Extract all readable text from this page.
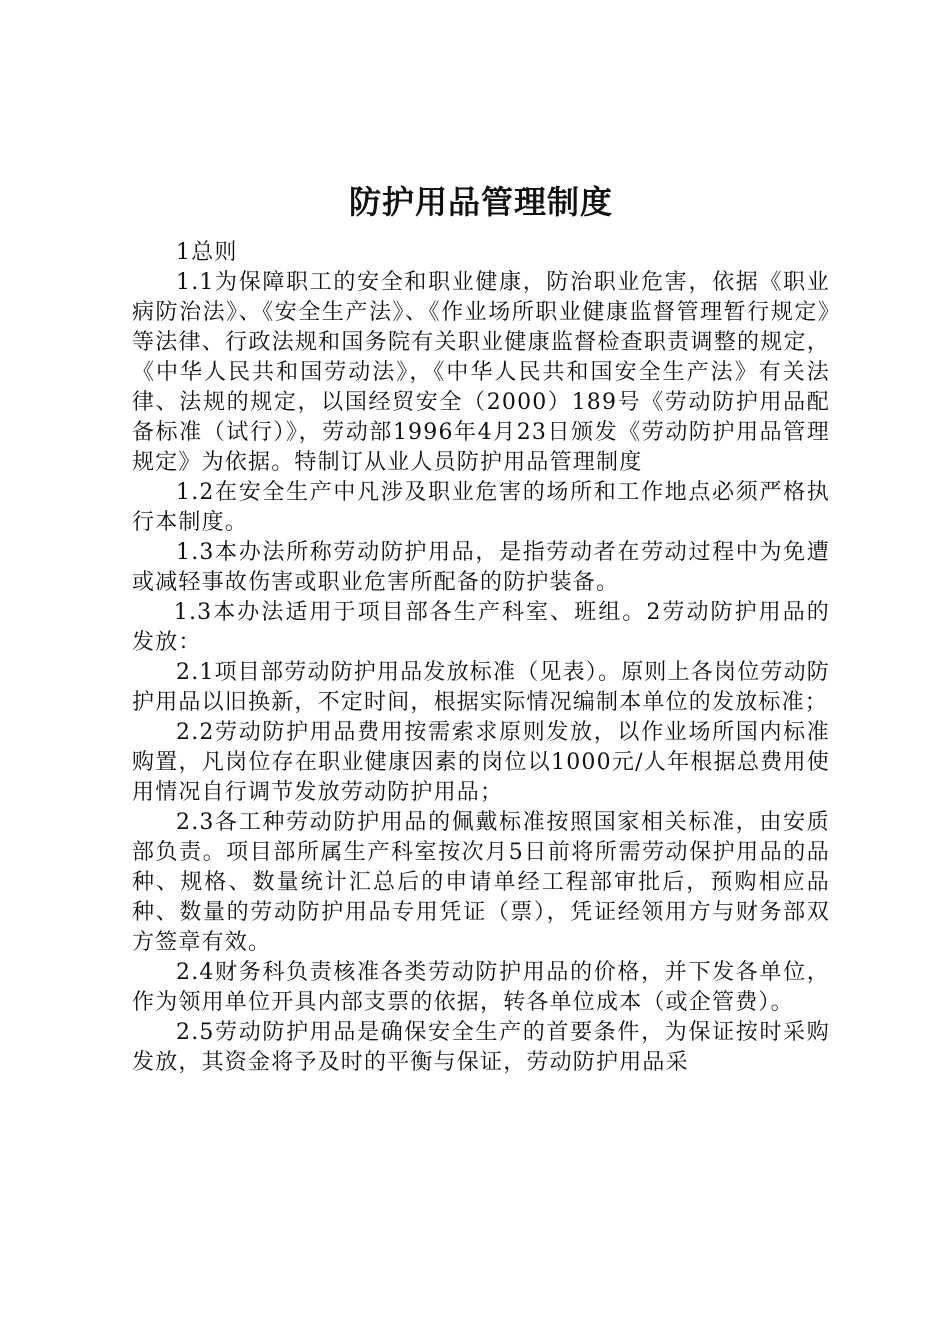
防护用品管理制度

1总则

1.1为保障职工的安全和职业健康，防治职业危害，依据《职业病防治法》、《安全生产法》、《作业场所职业健康监督管理暂行规定》等法律、行政法规和国务院有关职业健康监督检查职责调整的规定，《中华人民共和国劳动法》，《中华人民共和国安全生产法》有关法律、法规的规定，以国经贸安全（2000）189号《劳动防护用品配备标准（试行）》，劳动部1996年4月23日颁发《劳动防护用品管理规定》为依据。特制订从业人员防护用品管理制度

1.2在安全生产中凡涉及职业危害的场所和工作地点必须严格执行本制度。

1.3本办法所称劳动防护用品，是指劳动者在劳动过程中为免遭或减轻事故伤害或职业危害所配备的防护装备。

1.3本办法适用于项目部各生产科室、班组。2劳动防护用品的发放：

2.1项目部劳动防护用品发放标准（见表）。原则上各岗位劳动防护用品以旧换新，不定时间，根据实际情况编制本单位的发放标准；

2.2劳动防护用品费用按需索求原则发放，以作业场所国内标准购置，凡岗位存在职业健康因素的岗位以1000元/人年根据总费用使用情况自行调节发放劳动防护用品；

2.3各工种劳动防护用品的佩戴标准按照国家相关标准，由安质部负责。项目部所属生产科室按次月5日前将所需劳动保护用品的品种、规格、数量统计汇总后的申请单经工程部审批后，预购相应品种、数量的劳动防护用品专用凭证（票），凭证经领用方与财务部双方签章有效。

2.4财务科负责核准各类劳动防护用品的价格，并下发各单位，作为领用单位开具内部支票的依据，转各单位成本（或企管费）。

2.5劳动防护用品是确保安全生产的首要条件，为保证按时采购发放，其资金将予及时的平衡与保证，劳动防护用品采
